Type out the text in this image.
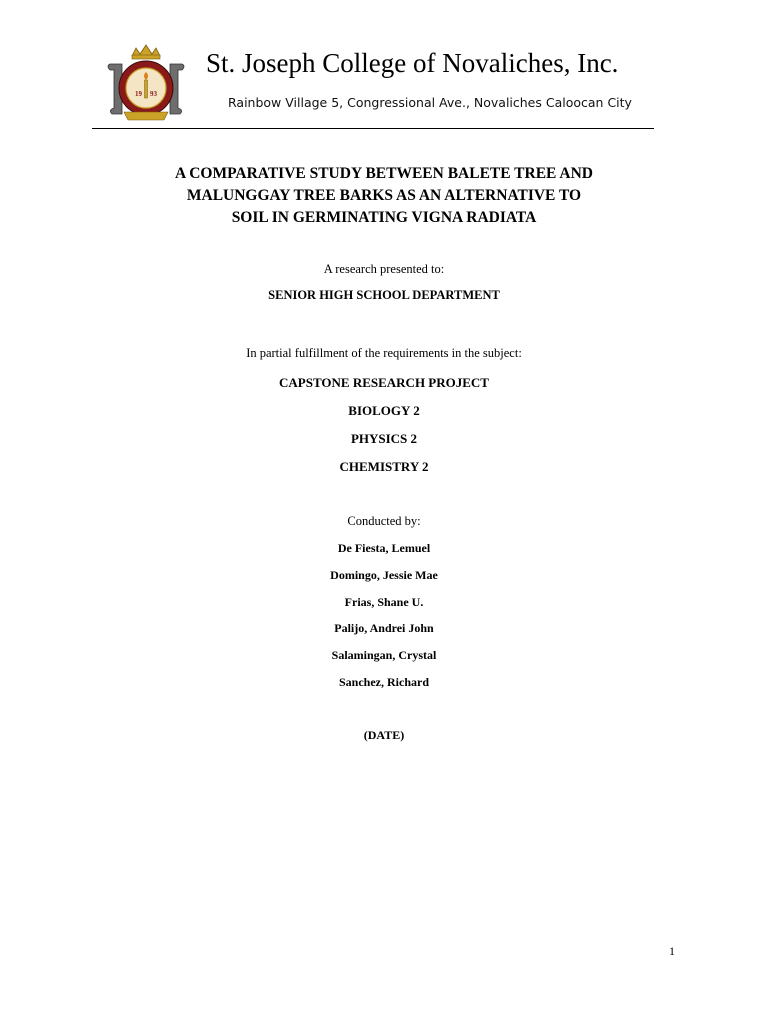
19 93
St. Joseph College of Novaliches, Inc.
Rainbow Village 5, Congressional Ave., Novaliches Caloocan City
A COMPARATIVE STUDY BETWEEN BALETE TREE AND
MALUNGGAY TREE BARKS AS AN ALTERNATIVE TO
SOIL IN GERMINATING VIGNA RADIATA
A research presented to:
SENIOR HIGH SCHOOL DEPARTMENT
In partial fulfillment of the requirements in the subject:
CAPSTONE RESEARCH PROJECT
BIOLOGY 2
PHYSICS 2
CHEMISTRY 2
Conducted by:
De Fiesta, Lemuel
Domingo, Jessie Mae
Frias, Shane U.
Palijo, Andrei John
Salamingan, Crystal
Sanchez, Richard
(DATE)
1
